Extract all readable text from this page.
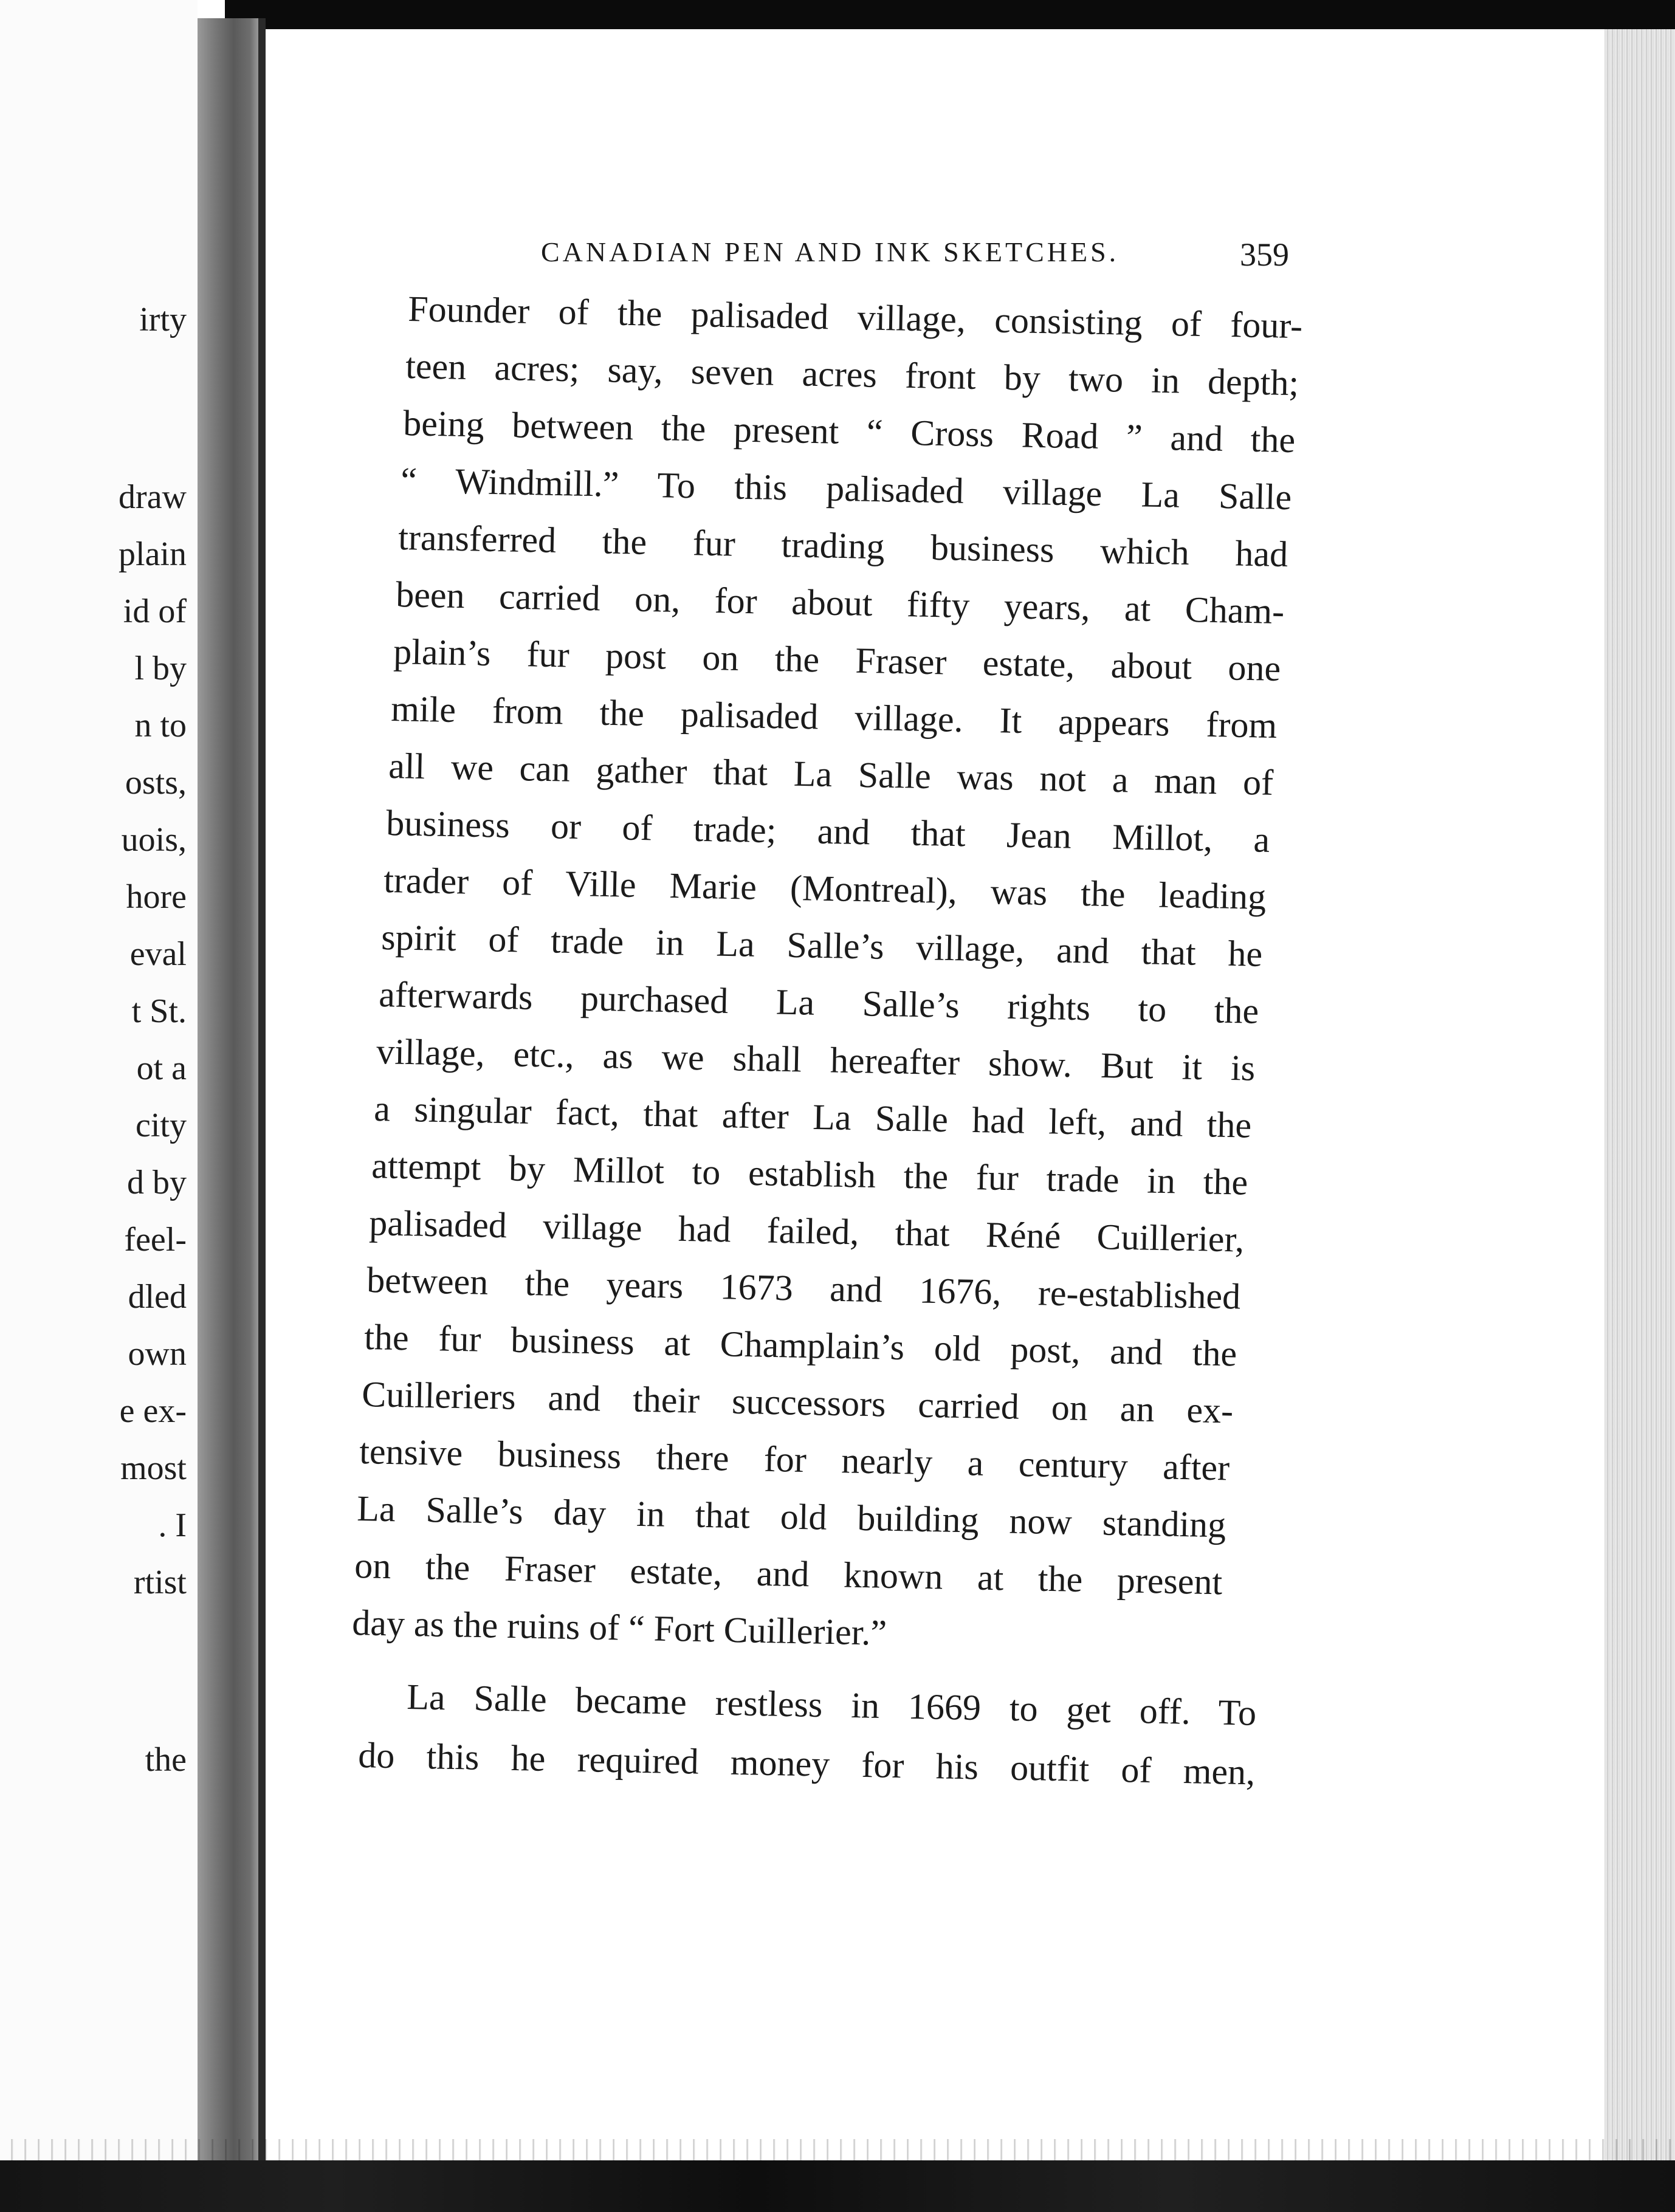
irty

draw

plain

id of

l by

n to

osts,

uois,

hore

eval

t St.

ot a

city

d by

feel-

dled

own

e ex-

most

. I

rtist

the

CANADIAN PEN AND INK SKETCHES.	359

Founder of the palisaded village, consisting of four-

teen acres; say, seven acres front by two in depth;

being between the present “ Cross Road ” and the

“ Windmill.” To this palisaded village La Salle

transferred the fur trading business which had

been carried on, for about fifty years, at Cham-

plain’s fur post on the Fraser estate, about one

mile from the palisaded village. It appears from

all we can gather that La Salle was not a man of

business or of trade; and that Jean Millot, a

trader of Ville Marie (Montreal), was the leading

spirit of trade in La Salle’s village, and that he

afterwards purchased La Salle’s rights to the

village, etc., as we shall hereafter show. But it is

a singular fact, that after La Salle had left, and the

attempt by Millot to establish the fur trade in the

palisaded village had failed, that Réné Cuillerier,

between the years 1673 and 1676, re-established

the fur business at Champlain’s old post, and the

Cuilleriers and their successors carried on an ex-

tensive business there for nearly a century after

La Salle’s day in that old building now standing

on the Fraser estate, and known at the present

day as the ruins of “ Fort Cuillerier.”

La Salle became restless in 1669 to get off. To

do this he required money for his outfit of men,
